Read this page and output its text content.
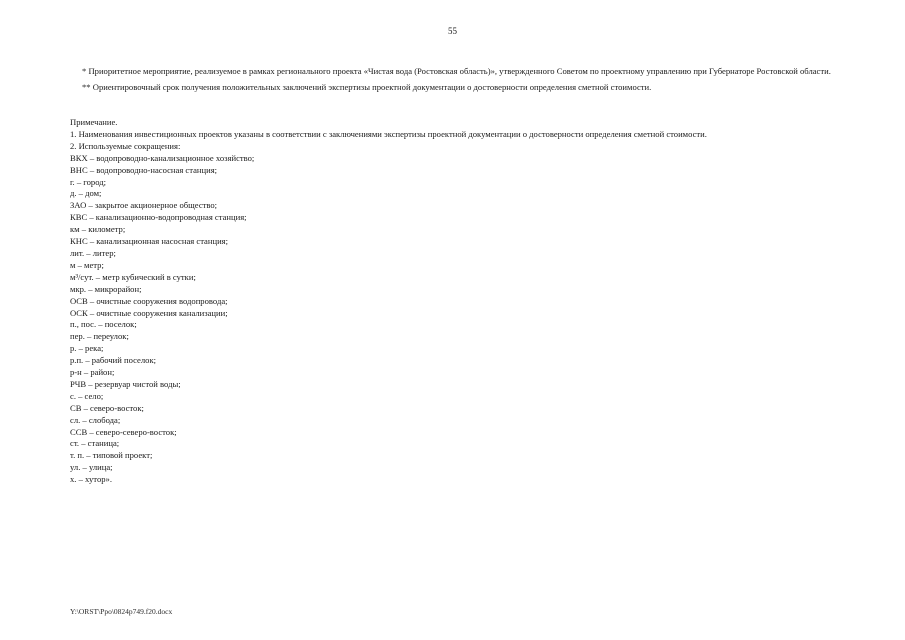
55

* Приоритетное мероприятие, реализуемое в рамках регионального проекта «Чистая вода (Ростовская область)», утвержденного Советом по проектному управлению при Губернаторе Ростовской области.

** Ориентировочный срок получения положительных заключений экспертизы проектной документации о достоверности определения сметной стоимости.

Примечание.

1. Наименования инвестиционных проектов указаны в соответствии с заключениями экспертизы проектной документации о достоверности определения сметной стоимости.

2. Используемые сокращения:

ВКХ – водопроводно-канализационное хозяйство;
ВНС – водопроводно-насосная станция;
г. – город;
д. – дом;
ЗАО – закрытое акционерное общество;
КВС – канализационно-водопроводная станция;
км – километр;
КНС – канализационная насосная станция;
лит. – литер;
м – метр;
м³/сут. – метр кубический в сутки;
мкр. – микрорайон;
ОСВ – очистные сооружения водопровода;
ОСК – очистные сооружения канализации;
п., пос. – поселок;
пер. – переулок;
р. – река;
р.п. – рабочий поселок;
р-н – район;
РЧВ – резервуар чистой воды;
с. – село;
СВ – северо-восток;
сл. – слобода;
ССВ – северо-северо-восток;
ст. – станица;
т. п. – типовой проект;
ул. – улица;
х. – хутор».
Y:\ORST\Ppo\0824p749.f20.docx
